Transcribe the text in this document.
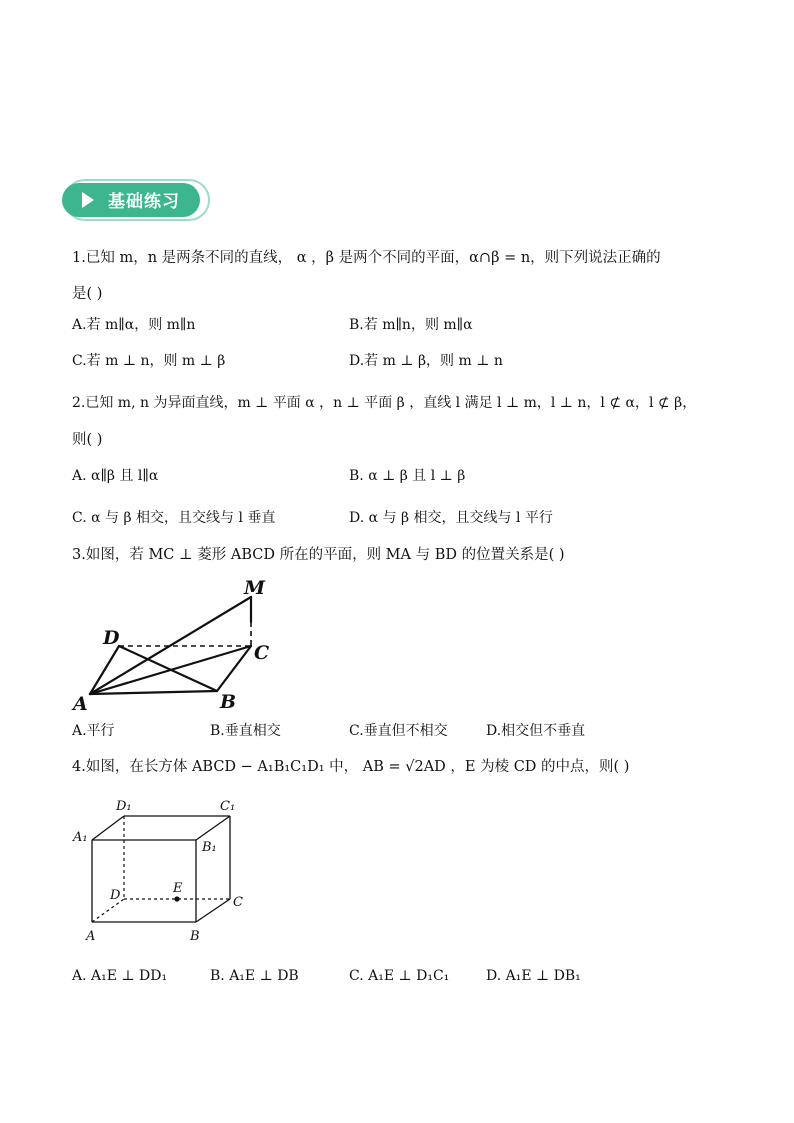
基础练习
1.已知 m，n 是两条不同的直线， α ，β 是两个不同的平面，α∩β = n，则下列说法正确的
是( )
A.若 m∥α，则 m∥n	B.若 m∥n，则 m∥α
C.若 m ⊥ n，则 m ⊥ β	D.若 m ⊥ β，则 m ⊥ n
2.已知 m, n 为异面直线，m ⊥ 平面 α ，n ⊥ 平面 β ，直线 l 满足 l ⊥ m，l ⊥ n，l ⊄ α，l ⊄ β，
则( )
A. α∥β 且 l∥α	B. α ⊥ β 且 l ⊥ β
C. α 与 β 相交，且交线与 l 垂直	D. α 与 β 相交，且交线与 l 平行
3.如图，若 MC ⊥ 菱形 ABCD 所在的平面，则 MA 与 BD 的位置关系是( )
M
D
C
A	B
A.平行	B.垂直相交	C.垂直但不相交	D.相交但不垂直
4.如图，在长方体 ABCD − A₁B₁C₁D₁ 中， AB = √2AD ，E 为棱 CD 的中点，则( )
D₁	C₁
A₁
B₁
D	E
C
A	B
A. A₁E ⊥ DD₁	B. A₁E ⊥ DB	C. A₁E ⊥ D₁C₁	D. A₁E ⊥ DB₁
